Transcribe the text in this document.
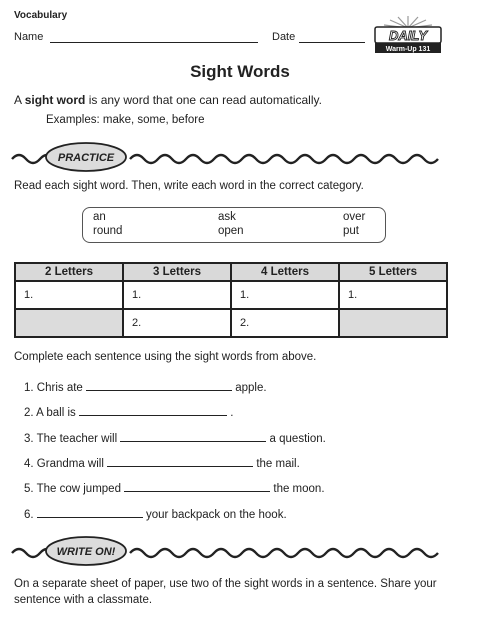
Vocabulary
Name	Date	DAILY
Warm-Up 131
Sight Words
A sight word is any word that one can read automatically.
Examples: make, some, before
PRACTICE
Read each sight word. Then, write each word in the correct category.
an	ask	over
round	open	put
2 Letters	3 Letters	4 Letters	5 Letters
1.	1.	1.	1.
	2.	2.	
Complete each sentence using the sight words from above.
1. Chris ate	apple.
2. A ball is	.
3. The teacher will	a question.
4. Grandma will	the mail.
5. The cow jumped	the moon.
6.	your backpack on the hook.
WRITE ON!
On a separate sheet of paper, use two of the sight words in a sentence. Share your sentence with a classmate.
